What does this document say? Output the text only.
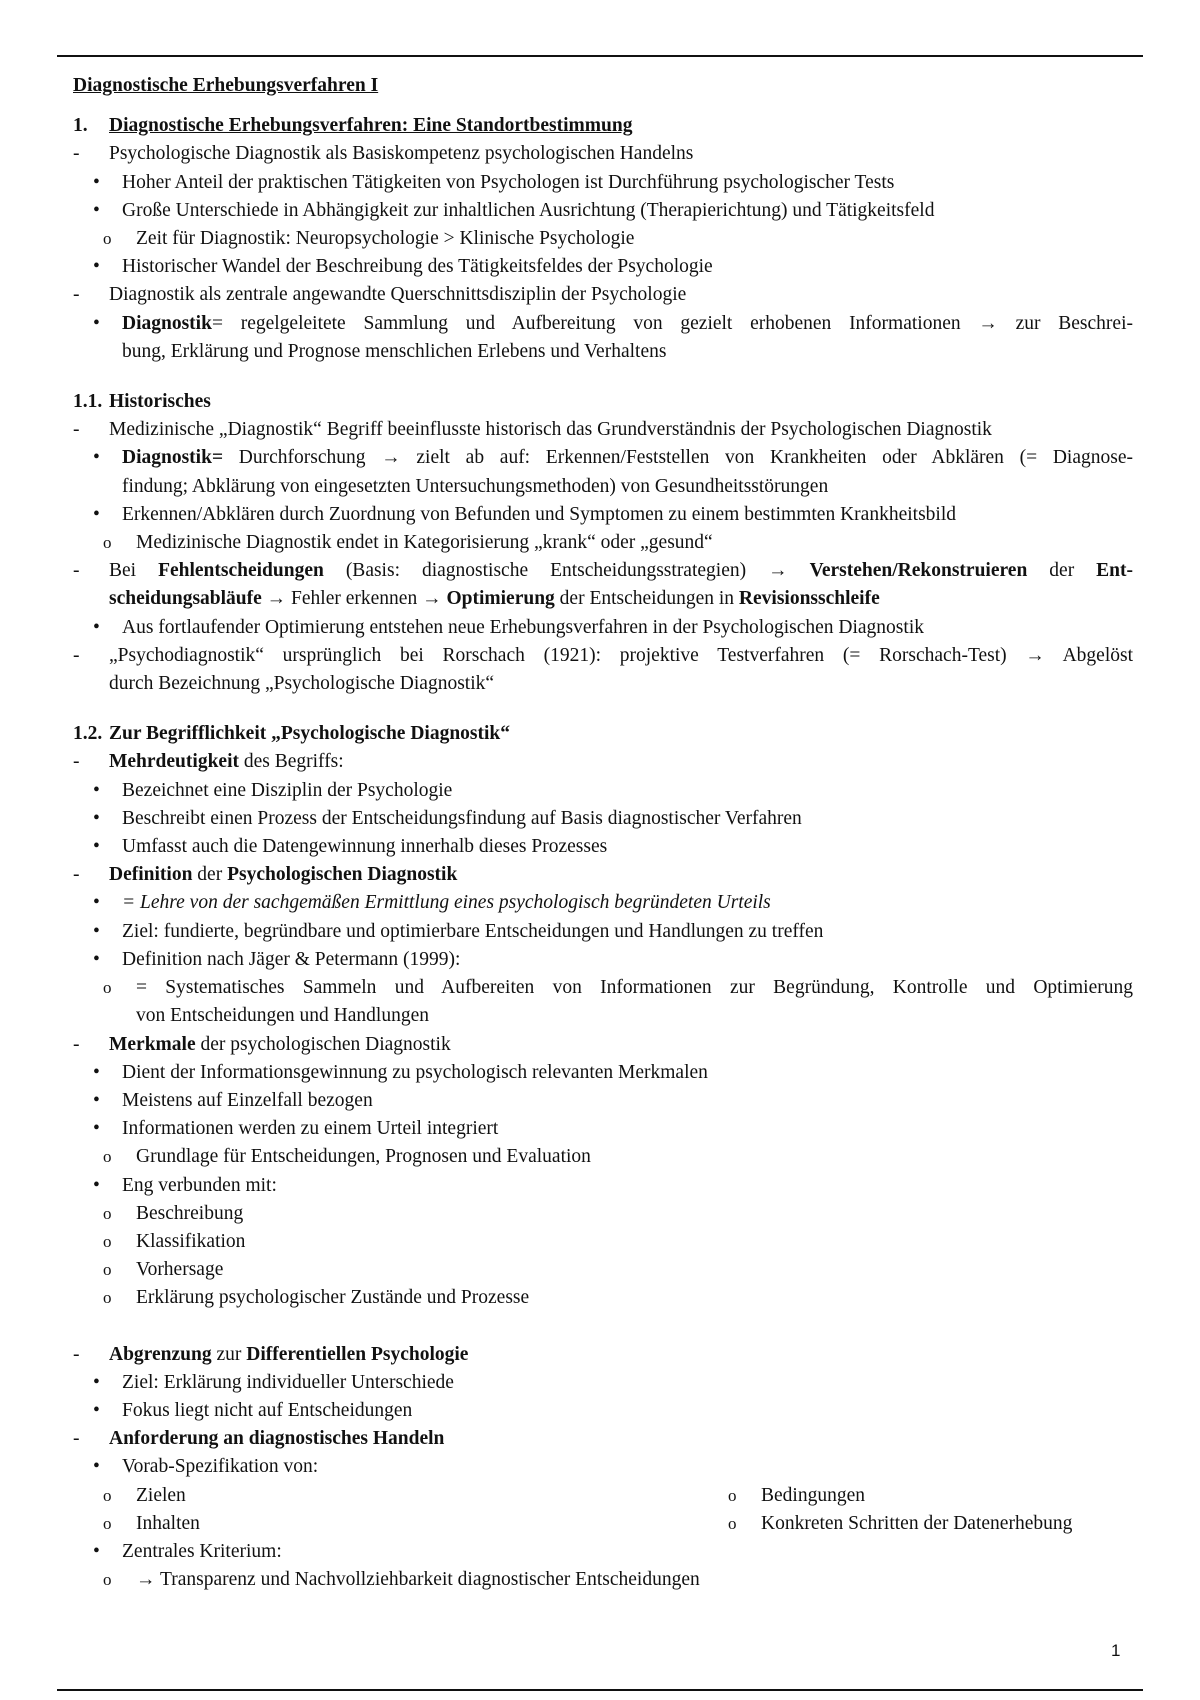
Diagnostische Erhebungsverfahren I
1. Diagnostische Erhebungsverfahren: Eine Standortbestimmung
- Psychologische Diagnostik als Basiskompetenz psychologischen Handelns
• Hoher Anteil der praktischen Tätigkeiten von Psychologen ist Durchführung psychologischer Tests
• Große Unterschiede in Abhängigkeit zur inhaltlichen Ausrichtung (Therapierichtung) und Tätigkeitsfeld
o Zeit für Diagnostik: Neuropsychologie > Klinische Psychologie
• Historischer Wandel der Beschreibung des Tätigkeitsfeldes der Psychologie
- Diagnostik als zentrale angewandte Querschnittsdisziplin der Psychologie
• Diagnostik= regelgeleitete Sammlung und Aufbereitung von gezielt erhobenen Informationen → zur Beschrei-
bung, Erklärung und Prognose menschlichen Erlebens und Verhaltens
1.1. Historisches
- Medizinische „Diagnostik“ Begriff beeinflusste historisch das Grundverständnis der Psychologischen Diagnostik
• Diagnostik= Durchforschung → zielt ab auf: Erkennen/Feststellen von Krankheiten oder Abklären (= Diagnose-
findung; Abklärung von eingesetzten Untersuchungsmethoden) von Gesundheitsstörungen
• Erkennen/Abklären durch Zuordnung von Befunden und Symptomen zu einem bestimmten Krankheitsbild
o Medizinische Diagnostik endet in Kategorisierung „krank“ oder „gesund“
- Bei Fehlentscheidungen (Basis: diagnostische Entscheidungsstrategien) → Verstehen/Rekonstruieren der Ent-
scheidungsabläufe → Fehler erkennen → Optimierung der Entscheidungen in Revisionsschleife
• Aus fortlaufender Optimierung entstehen neue Erhebungsverfahren in der Psychologischen Diagnostik
- „Psychodiagnostik“ ursprünglich bei Rorschach (1921): projektive Testverfahren (= Rorschach-Test) → Abgelöst
durch Bezeichnung „Psychologische Diagnostik“
1.2. Zur Begrifflichkeit „Psychologische Diagnostik“
- Mehrdeutigkeit des Begriffs:
• Bezeichnet eine Disziplin der Psychologie
• Beschreibt einen Prozess der Entscheidungsfindung auf Basis diagnostischer Verfahren
• Umfasst auch die Datengewinnung innerhalb dieses Prozesses
- Definition der Psychologischen Diagnostik
• = Lehre von der sachgemäßen Ermittlung eines psychologisch begründeten Urteils
• Ziel: fundierte, begründbare und optimierbare Entscheidungen und Handlungen zu treffen
• Definition nach Jäger & Petermann (1999):
o = Systematisches Sammeln und Aufbereiten von Informationen zur Begründung, Kontrolle und Optimierung
von Entscheidungen und Handlungen
- Merkmale der psychologischen Diagnostik
• Dient der Informationsgewinnung zu psychologisch relevanten Merkmalen
• Meistens auf Einzelfall bezogen
• Informationen werden zu einem Urteil integriert
o Grundlage für Entscheidungen, Prognosen und Evaluation
• Eng verbunden mit:
o Beschreibung
o Klassifikation
o Vorhersage
o Erklärung psychologischer Zustände und Prozesse
- Abgrenzung zur Differentiellen Psychologie
• Ziel: Erklärung individueller Unterschiede
• Fokus liegt nicht auf Entscheidungen
- Anforderung an diagnostisches Handeln
• Vorab-Spezifikation von:
o Zielen	o Bedingungen
o Inhalten	o Konkreten Schritten der Datenerhebung
• Zentrales Kriterium:
o → Transparenz und Nachvollziehbarkeit diagnostischer Entscheidungen
1
